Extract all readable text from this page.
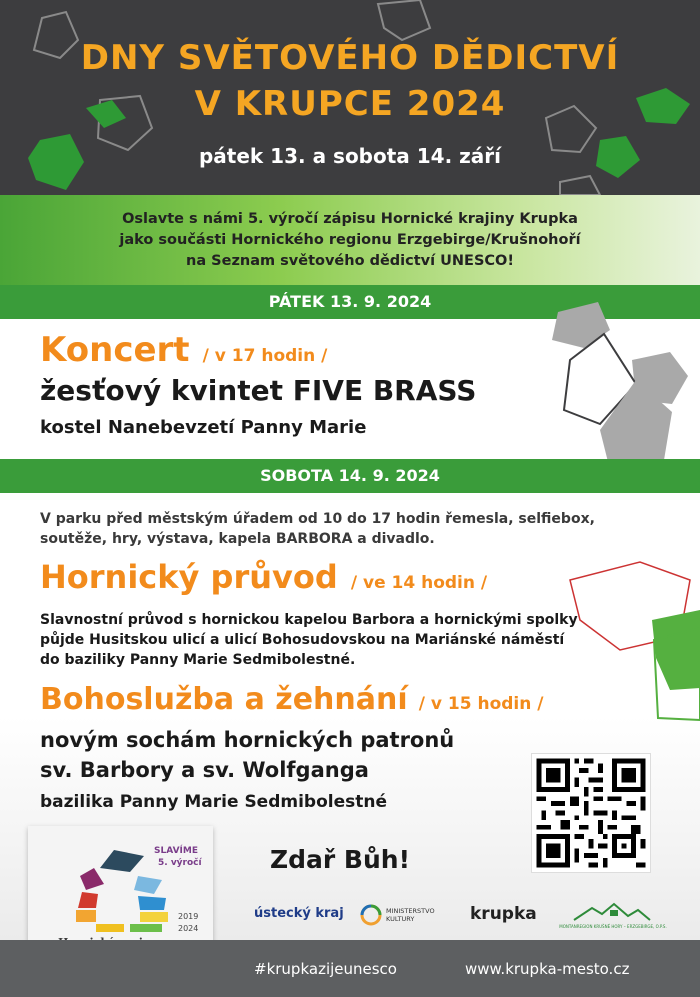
DNY SVĚTOVÉHO DĚDICTVÍ
V KRUPCE 2024
pátek 13. a sobota 14. září
Oslavte s námi 5. výročí zápisu Hornické krajiny Krupka
jako součásti Hornického regionu Erzgebirge/Krušnohoří
na Seznam světového dědictví UNESCO!
PÁTEK 13. 9. 2024
Koncert / v 17 hodin /
žesťový kvintet FIVE BRASS
kostel Nanebevzetí Panny Marie
SOBOTA 14. 9. 2024
V parku před městským úřadem od 10 do 17 hodin řemesla, selfiebox,
soutěže, hry, výstava, kapela BARBORA a divadlo.
Hornický průvod / ve 14 hodin /
Slavnostní průvod s hornickou kapelou Barbora a hornickými spolky
půjde Husitskou ulicí a ulicí Bohosudovskou na Mariánské náměstí
do baziliky Panny Marie Sedmibolestné.
Bohoslužba a žehnání / v 15 hodin /
novým sochám hornických patronů
sv. Barbory a sv. Wolfganga
bazilika Panny Marie Sedmibolestné
Zdař Bůh!
ústecký kraj	MINISTERSTVO
KULTURY	krupka
MONTANREGION KRUŠNÉ HORY – ERZGEBIRGE, O.P.S.
SLAVÍME
5. výročí
2019
2024
#krupkazijeunesco	www.krupka-mesto.cz
